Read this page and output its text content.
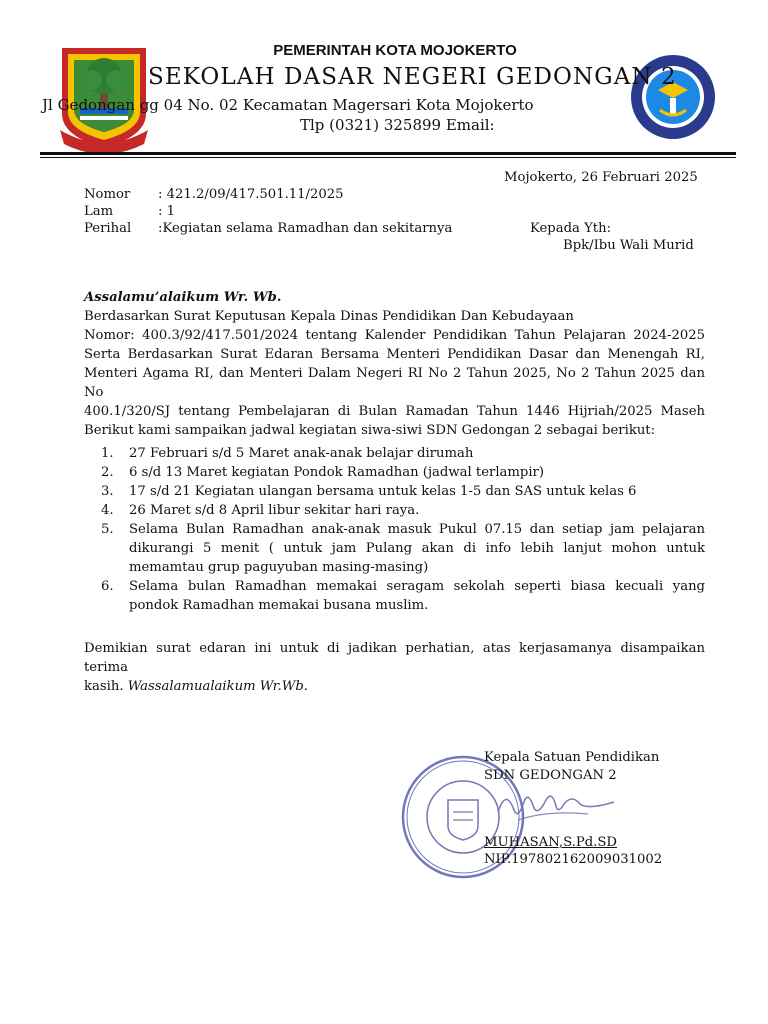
PEMERINTAH KOTA MOJOKERTO
SEKOLAH DASAR NEGERI GEDONGAN 2
Jl Gedongan gg 04 No. 02 Kecamatan Magersari Kota Mojokerto
Tlp (0321) 325899 Email:
Mojokerto, 26 Februari 2025
Nomor : 421.2/09/417.501.11/2025
Lam	: 1
Perihal :Kegiatan selama Ramadhan dan sekitarnya	Kepada Yth:
Bpk/Ibu Wali Murid
Assalamu’alaikum Wr. Wb.
Berdasarkan Surat Keputusan Kepala Dinas Pendidikan Dan Kebudayaan
Nomor: 400.3/92/417.501/2024 tentang Kalender Pendidikan Tahun Pelajaran 2024-2025
Serta Berdasarkan Surat Edaran Bersama Menteri Pendidikan Dasar dan Menengah RI,
Menteri Agama RI, dan Menteri Dalam Negeri RI No 2 Tahun 2025, No 2 Tahun 2025 dan No
400.1/320/SJ tentang Pembelajaran di Bulan Ramadan Tahun 1446 Hijriah/2025 Maseh
Berikut kami sampaikan jadwal kegiatan siwa-siwi SDN Gedongan 2 sebagai berikut:
1. 27 Februari s/d 5 Maret anak-anak belajar dirumah
2. 6 s/d 13 Maret kegiatan Pondok Ramadhan (jadwal terlampir)
3. 17 s/d 21 Kegiatan ulangan bersama untuk kelas 1-5 dan SAS untuk kelas 6
4. 26 Maret s/d 8 April libur sekitar hari raya.
5. Selama Bulan Ramadhan anak-anak masuk Pukul 07.15 dan setiap jam pelajaran dikurangi 5 menit ( untuk jam Pulang akan di info lebih lanjut mohon untuk memamtau grup paguyuban masing-masing)
6. Selama bulan Ramadhan memakai seragam sekolah seperti biasa kecuali yang pondok Ramadhan memakai busana muslim.
Demikian surat edaran ini untuk di jadikan perhatian, atas kerjasamanya disampaikan terima
kasih. Wassalamualaikum Wr.Wb.
Kepala Satuan Pendidikan
SDN GEDONGAN 2
MUHASAN,S.Pd.SD
NIP.197802162009031002
